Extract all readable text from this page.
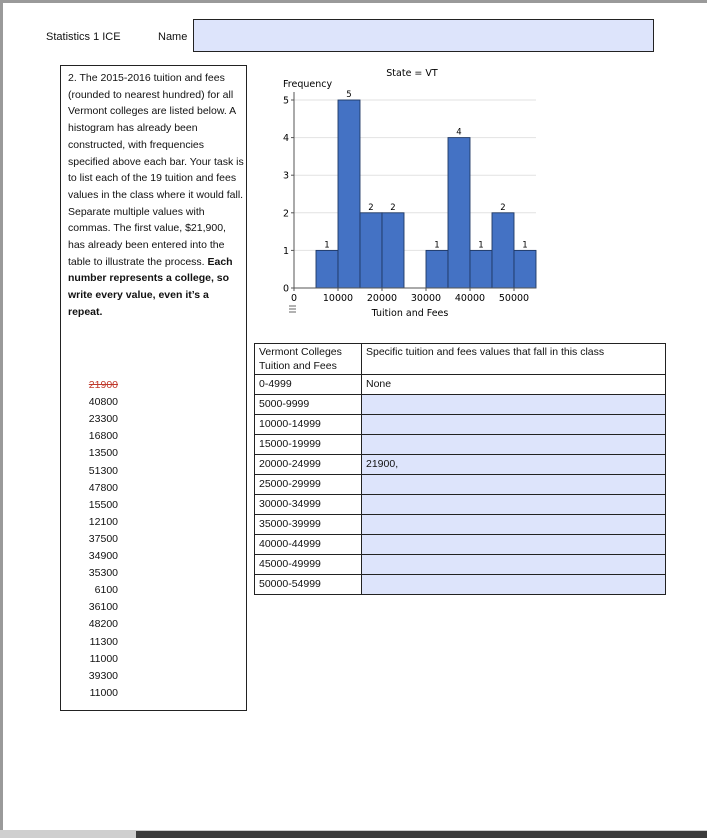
Statistics 1 ICE	Name
2. The 2015-2016 tuition and fees (rounded to nearest hundred) for all Vermont colleges are listed below. A histogram has already been constructed, with frequencies specified above each bar. Your task is to list each of the 19 tuition and fees values in the class where it would fall. Separate multiple values with commas. The first value, $21,900, has already been entered into the table to illustrate the process. Each number represents a college, so write every value, even it’s a repeat.
21900
40800
23300
16800
13500
51300
47800
15500
12100
37500
34900
35300
6100
36100
48200
11300
11000
39300
11000
State = VT
Frequency
Tuition and Fees
1
5
2 2
1
4
1
2
1
0
1
2
3
4
5
0	10000 20000 30000 40000 50000
Vermont Colleges
Tuition and Fees	Specific tuition and fees values that fall in this class
0-4999	None
5000-9999	
10000-14999	
15000-19999	
20000-24999	21900,
25000-29999	
30000-34999	
35000-39999	
40000-44999	
45000-49999	
50000-54999	
